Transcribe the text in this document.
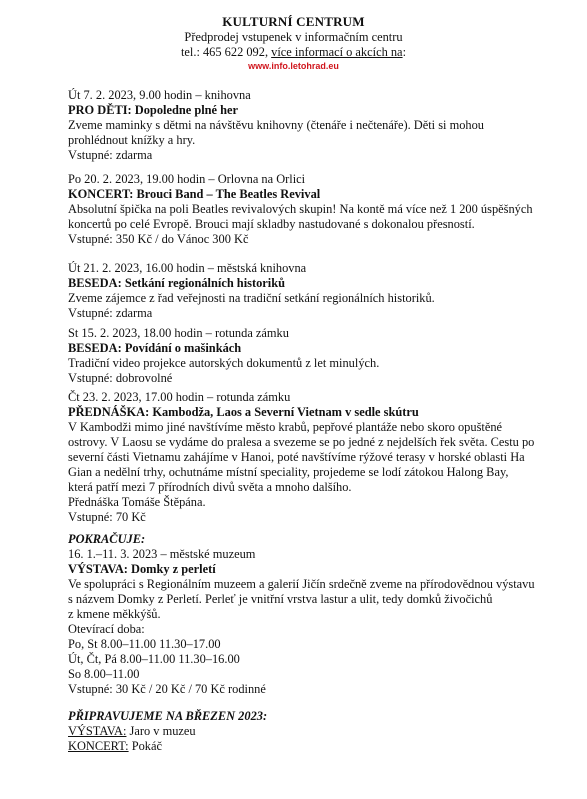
KULTURNÍ CENTRUM
Předprodej vstupenek v informačním centru
tel.: 465 622 092, více informací o akcích na:
www.info.letohrad.eu
Út 7. 2. 2023, 9.00 hodin – knihovna
PRO DĚTI: Dopoledne plné her
Zveme maminky s dětmi na návštěvu knihovny (čtenáře i nečtenáře). Děti si mohou
prohlédnout knížky a hry.
Vstupné: zdarma
Po 20. 2. 2023, 19.00 hodin – Orlovna na Orlici
KONCERT: Brouci Band – The Beatles Revival
Absolutní špička na poli Beatles revivalových skupin! Na kontě má více než 1 200 úspěšných
koncertů po celé Evropě. Brouci mají skladby nastudované s dokonalou přesností.
Vstupné: 350 Kč / do Vánoc 300 Kč
Út 21. 2. 2023, 16.00 hodin – městská knihovna
BESEDA: Setkání regionálních historiků
Zveme zájemce z řad veřejnosti na tradiční setkání regionálních historiků.
Vstupné: zdarma
St 15. 2. 2023, 18.00 hodin – rotunda zámku
BESEDA: Povídání o mašinkách
Tradiční video projekce autorských dokumentů z let minulých.
Vstupné: dobrovolné
Čt 23. 2. 2023, 17.00 hodin – rotunda zámku
PŘEDNÁŠKA: Kambodža, Laos a Severní Vietnam v sedle skútru
V Kambodži mimo jiné navštívíme město krabů, pepřové plantáže nebo skoro opuštěné
ostrovy. V Laosu se vydáme do pralesa a svezeme se po jedné z nejdelších řek světa. Cestu po
severní části Vietnamu zahájíme v Hanoi, poté navštívíme rýžové terasy v horské oblasti Ha
Gian a nedělní trhy, ochutnáme místní speciality, projedeme se lodí zátokou Halong Bay,
která patří mezi 7 přírodních divů světa a mnoho dalšího.
Přednáška Tomáše Štěpána.
Vstupné: 70 Kč
POKRAČUJE:
16. 1.–11. 3. 2023 – městské muzeum
VÝSTAVA: Domky z perletí
Ve spolupráci s Regionálním muzeem a galerií Jičín srdečně zveme na přírodovědnou výstavu
s názvem Domky z Perletí. Perleť je vnitřní vrstva lastur a ulit, tedy domků živočichů
z kmene měkkýšů.
Otevírací doba:
Po, St 8.00–11.00 11.30–17.00
Út, Čt, Pá 8.00–11.00 11.30–16.00
So 8.00–11.00
Vstupné: 30 Kč / 20 Kč / 70 Kč rodinné
PŘIPRAVUJEME NA BŘEZEN 2023:
VÝSTAVA: Jaro v muzeu
KONCERT: Pokáč
